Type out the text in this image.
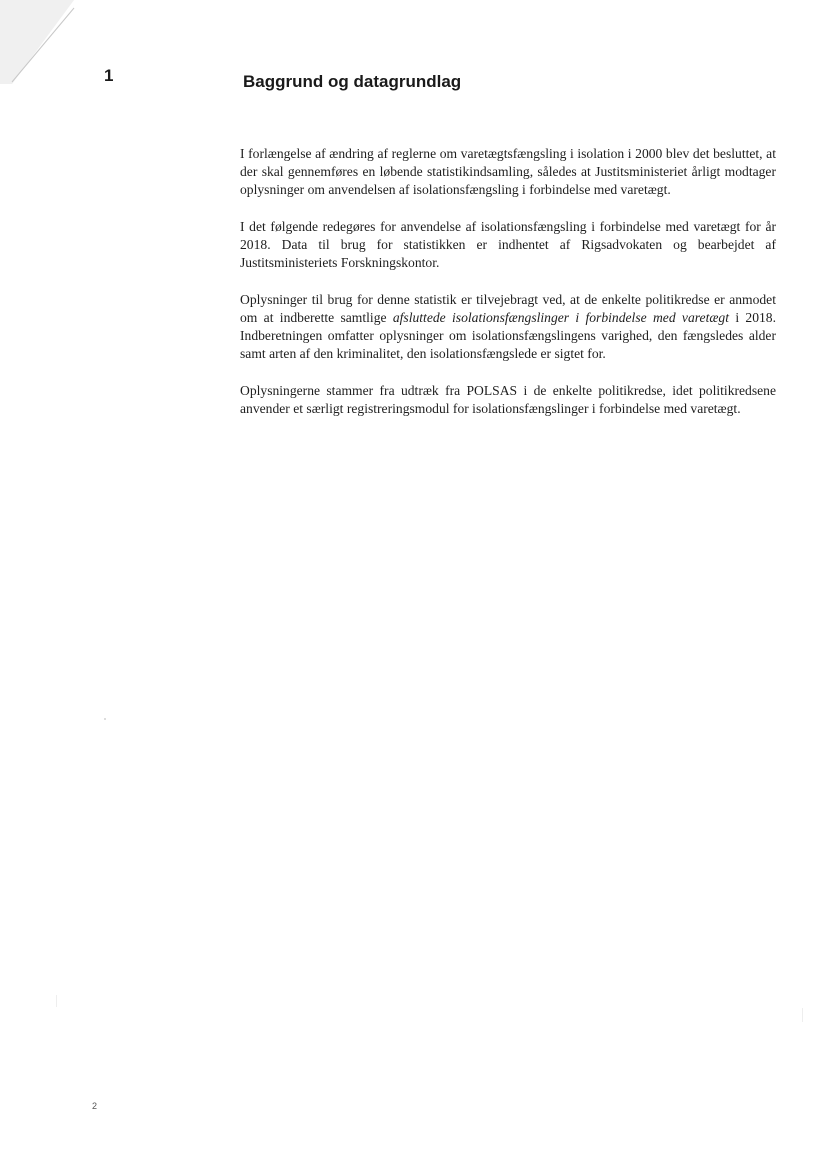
1	Baggrund og datagrundlag

I forlængelse af ændring af reglerne om varetægtsfængsling i isolation i 2000 blev det besluttet, at der skal gennemføres en løbende statistikindsamling, således at Justitsministeriet årligt modtager oplysninger om anvendelsen af isolationsfængsling i forbindelse med varetægt.

I det følgende redegøres for anvendelse af isolationsfængsling i forbindelse med varetægt for år 2018. Data til brug for statistikken er indhentet af Rigsadvokaten og bearbejdet af Justitsministeriets Forskningskontor.

Oplysninger til brug for denne statistik er tilvejebragt ved, at de enkelte politikredse er anmodet om at indberette samtlige afsluttede isolationsfængslinger i forbindelse med varetægt i 2018. Indberetningen omfatter oplysninger om isolationsfængslingens varighed, den fængsledes alder samt arten af den kriminalitet, den isolationsfængslede er sigtet for.

Oplysningerne stammer fra udtræk fra POLSAS i de enkelte politikredse, idet politikredsene anvender et særligt registreringsmodul for isolationsfængslinger i forbindelse med varetægt.

2
